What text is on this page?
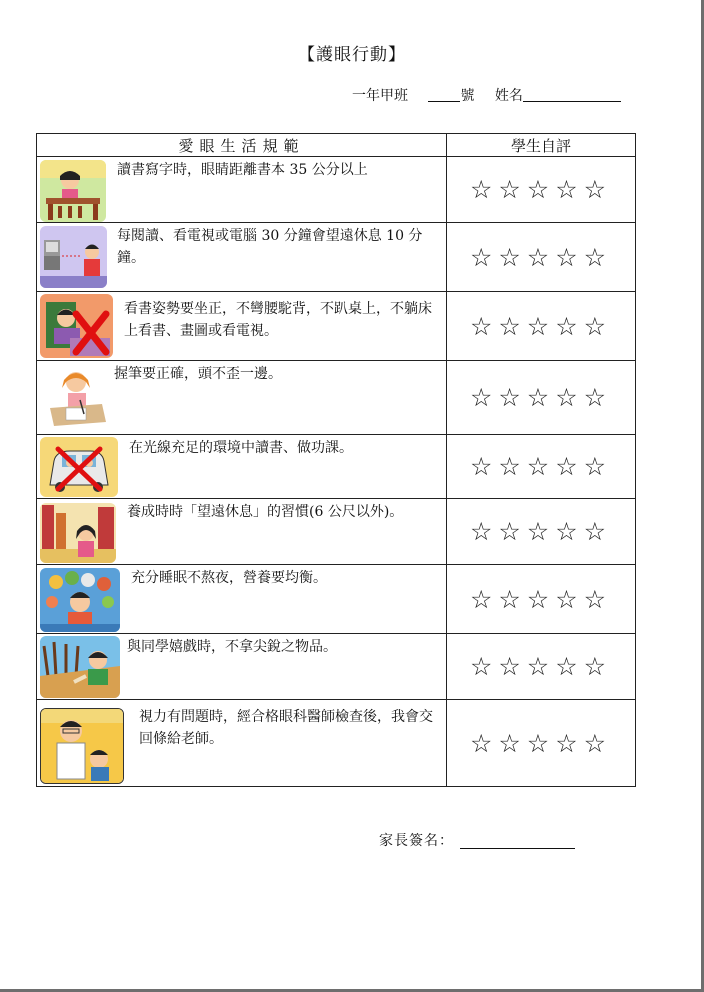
【護眼行動】
一年甲班	號 姓名
愛眼生活規範	學生自評

讀書寫字時，眼睛距離書本 35 公分以上	☆☆☆☆☆

每閱讀、看電視或電腦 30 分鐘會望遠休息 10 分鐘。	☆☆☆☆☆

看書姿勢要坐正，不彎腰駝背，不趴桌上，不躺床上看書、畫圖或看電視。	☆☆☆☆☆

握筆要正確，頭不歪一邊。	☆☆☆☆☆

在光線充足的環境中讀書、做功課。	☆☆☆☆☆

養成時時「望遠休息」的習慣(6 公尺以外)。	☆☆☆☆☆

充分睡眠不熬夜，營養要均衡。	☆☆☆☆☆

與同學嬉戲時，不拿尖銳之物品。	☆☆☆☆☆

視力有問題時，經合格眼科醫師檢查後，我會交回條給老師。	☆☆☆☆☆
家長簽名：
